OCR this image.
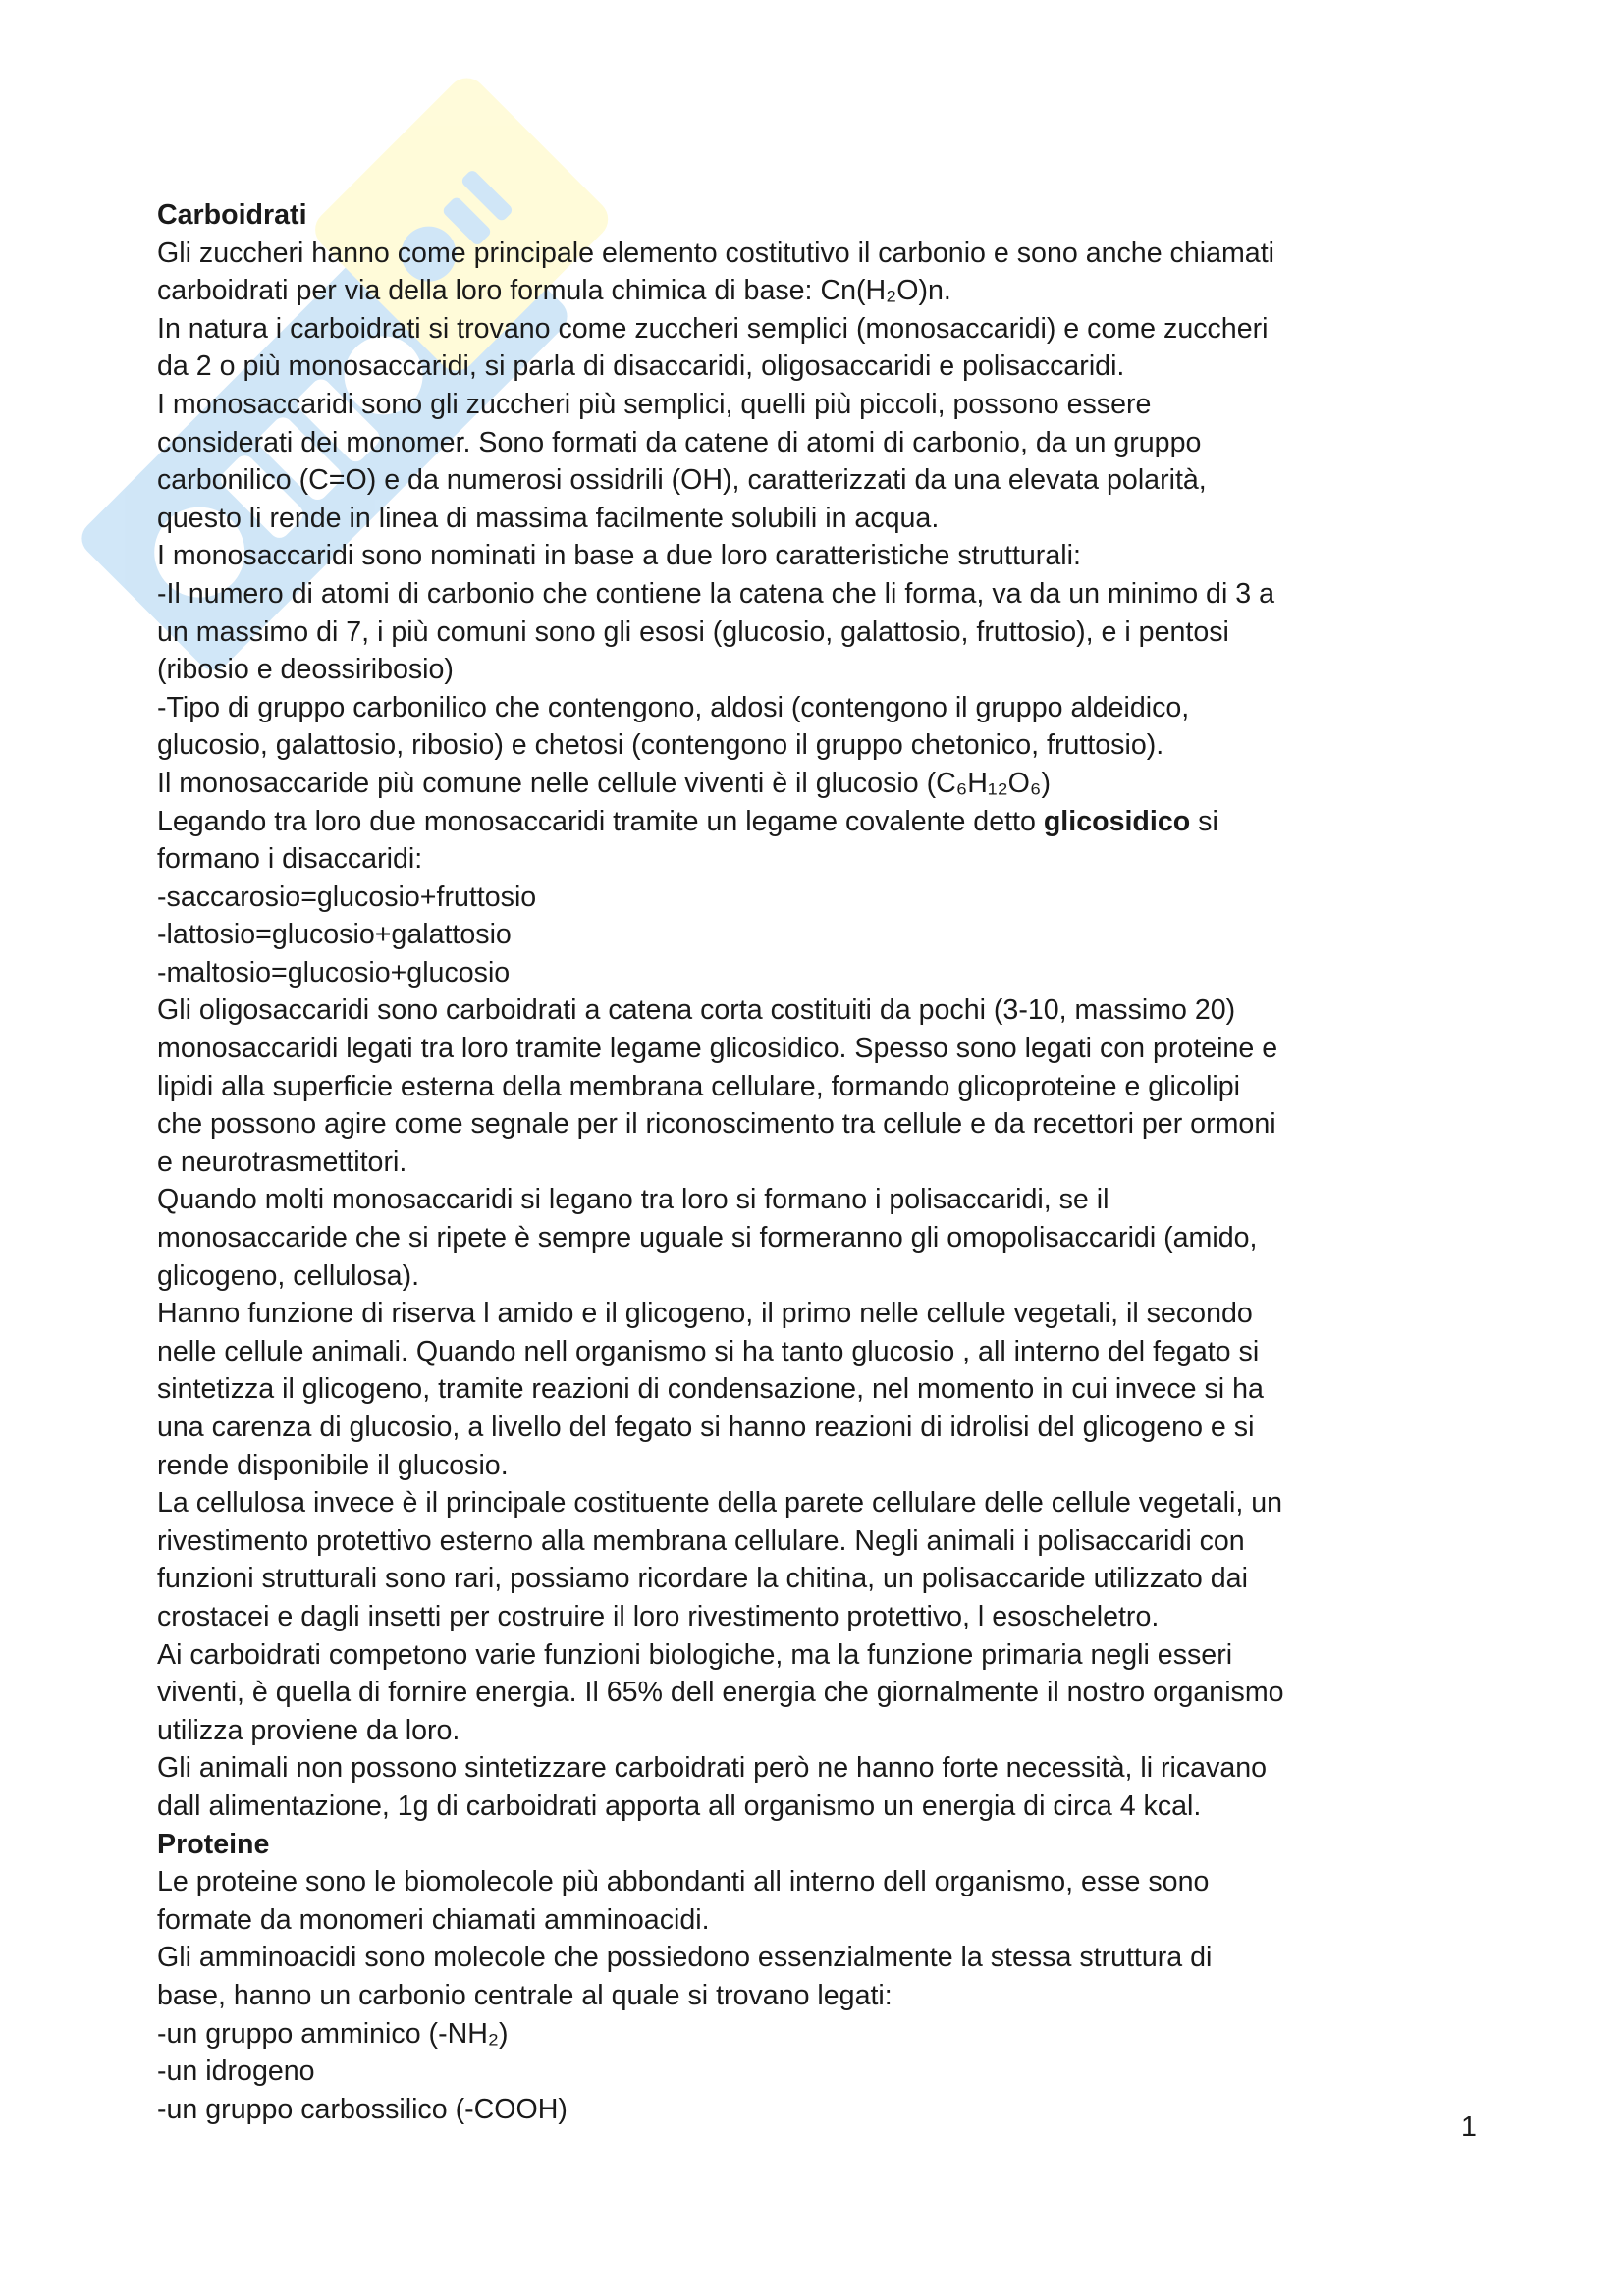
Carboidrati
Gli zuccheri hanno come principale elemento costitutivo il carbonio e sono anche chiamati
carboidrati per via della loro formula chimica di base: Cn(H₂O)n.
In natura i carboidrati si trovano come zuccheri semplici (monosaccaridi) e come zuccheri
da 2 o più monosaccaridi, si parla di disaccaridi, oligosaccaridi e polisaccaridi.
I monosaccaridi sono gli zuccheri più semplici, quelli più piccoli, possono essere
considerati dei monomer. Sono formati da catene di atomi di carbonio, da un gruppo
carbonilico (C=O) e da numerosi ossidrili (OH), caratterizzati da una elevata polarità,
questo li rende in linea di massima facilmente solubili in acqua.
I monosaccaridi sono nominati in base a due loro caratteristiche strutturali:
-Il numero di atomi di carbonio che contiene la catena che li forma, va da un minimo di 3 a
un massimo di 7, i più comuni sono gli esosi (glucosio, galattosio, fruttosio), e i pentosi
(ribosio e deossiribosio)
-Tipo di gruppo carbonilico che contengono, aldosi (contengono il gruppo aldeidico,
glucosio, galattosio, ribosio) e chetosi (contengono il gruppo chetonico, fruttosio).
Il monosaccaride più comune nelle cellule viventi è il glucosio (C₆H₁₂O₆)
Legando tra loro due monosaccaridi tramite un legame covalente detto glicosidico si
formano i disaccaridi:
-saccarosio=glucosio+fruttosio
-lattosio=glucosio+galattosio
-maltosio=glucosio+glucosio
Gli oligosaccaridi sono carboidrati a catena corta costituiti da pochi (3-10, massimo 20)
monosaccaridi legati tra loro tramite legame glicosidico. Spesso sono legati con proteine e
lipidi alla superficie esterna della membrana cellulare, formando glicoproteine e glicolipi
che possono agire come segnale per il riconoscimento tra cellule e da recettori per ormoni
e neurotrasmettitori.
Quando molti monosaccaridi si legano tra loro si formano i polisaccaridi, se il
monosaccaride che si ripete è sempre uguale si formeranno gli omopolisaccaridi (amido,
glicogeno, cellulosa).
Hanno funzione di riserva l amido e il glicogeno, il primo nelle cellule vegetali, il secondo
nelle cellule animali. Quando nell organismo si ha tanto glucosio , all interno del fegato si
sintetizza il glicogeno, tramite reazioni di condensazione, nel momento in cui invece si ha
una carenza di glucosio, a livello del fegato si hanno reazioni di idrolisi del glicogeno e si
rende disponibile il glucosio.
La cellulosa invece è il principale costituente della parete cellulare delle cellule vegetali, un
rivestimento protettivo esterno alla membrana cellulare. Negli animali i polisaccaridi con
funzioni strutturali sono rari, possiamo ricordare la chitina, un polisaccaride utilizzato dai
crostacei e dagli insetti per costruire il loro rivestimento protettivo, l esoscheletro.
Ai carboidrati competono varie funzioni biologiche, ma la funzione primaria negli esseri
viventi, è quella di fornire energia. Il 65% dell energia che giornalmente il nostro organismo
utilizza proviene da loro.
Gli animali non possono sintetizzare carboidrati però ne hanno forte necessità, li ricavano
dall alimentazione, 1g di carboidrati apporta all organismo un energia di circa 4 kcal.
Proteine
Le proteine sono le biomolecole più abbondanti all interno dell organismo, esse sono
formate da monomeri chiamati amminoacidi.
Gli amminoacidi sono molecole che possiedono essenzialmente la stessa struttura di
base, hanno un carbonio centrale al quale si trovano legati:
-un gruppo amminico (-NH₂)
-un idrogeno
-un gruppo carbossilico (-COOH)
1
